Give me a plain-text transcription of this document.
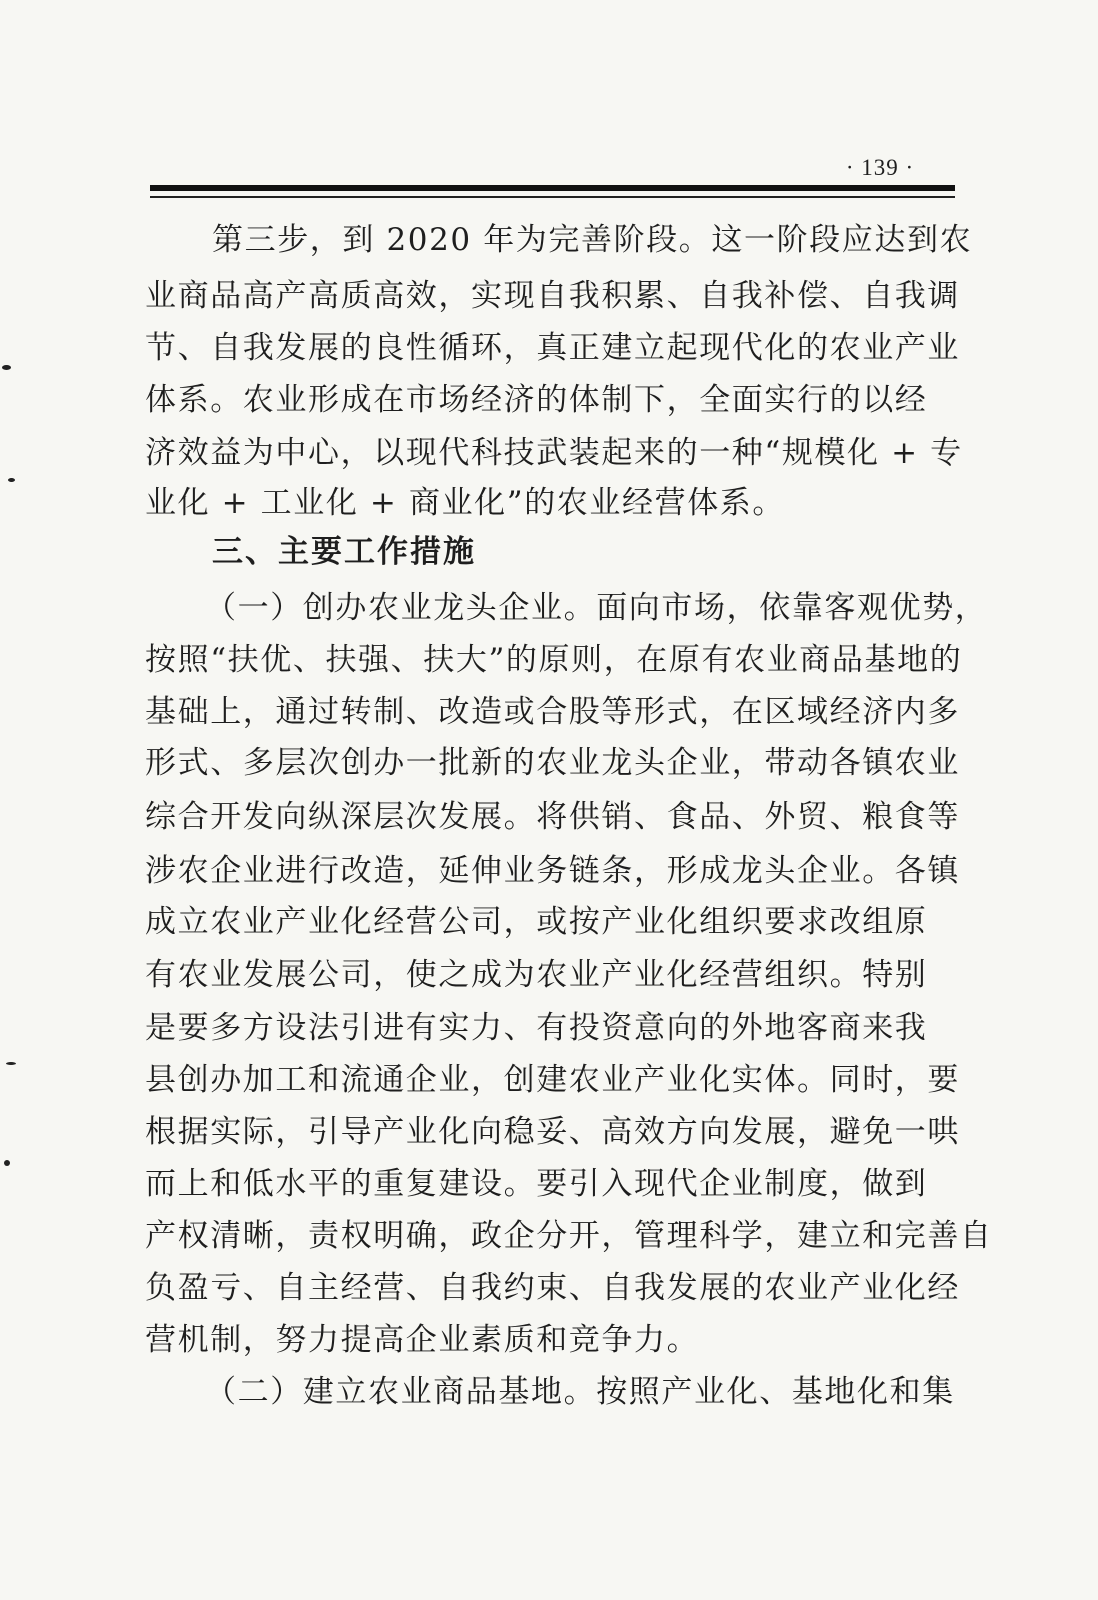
· 139 ·
第三步，到 2020 年为完善阶段。这一阶段应达到农
业商品高产高质高效，实现自我积累、自我补偿、自我调
节、自我发展的良性循环，真正建立起现代化的农业产业
体系。农业形成在市场经济的体制下，全面实行的以经
济效益为中心，以现代科技武装起来的一种“规模化 + 专
业化 + 工业化 + 商业化”的农业经营体系。
三、主要工作措施
（一）创办农业龙头企业。面向市场，依靠客观优势，
按照“扶优、扶强、扶大”的原则，在原有农业商品基地的
基础上，通过转制、改造或合股等形式，在区域经济内多
形式、多层次创办一批新的农业龙头企业，带动各镇农业
综合开发向纵深层次发展。将供销、食品、外贸、粮食等
涉农企业进行改造，延伸业务链条，形成龙头企业。各镇
成立农业产业化经营公司，或按产业化组织要求改组原
有农业发展公司，使之成为农业产业化经营组织。特别
是要多方设法引进有实力、有投资意向的外地客商来我
县创办加工和流通企业，创建农业产业化实体。同时，要
根据实际，引导产业化向稳妥、高效方向发展，避免一哄
而上和低水平的重复建设。要引入现代企业制度，做到
产权清晰，责权明确，政企分开，管理科学，建立和完善自
负盈亏、自主经营、自我约束、自我发展的农业产业化经
营机制，努力提高企业素质和竞争力。
（二）建立农业商品基地。按照产业化、基地化和集
